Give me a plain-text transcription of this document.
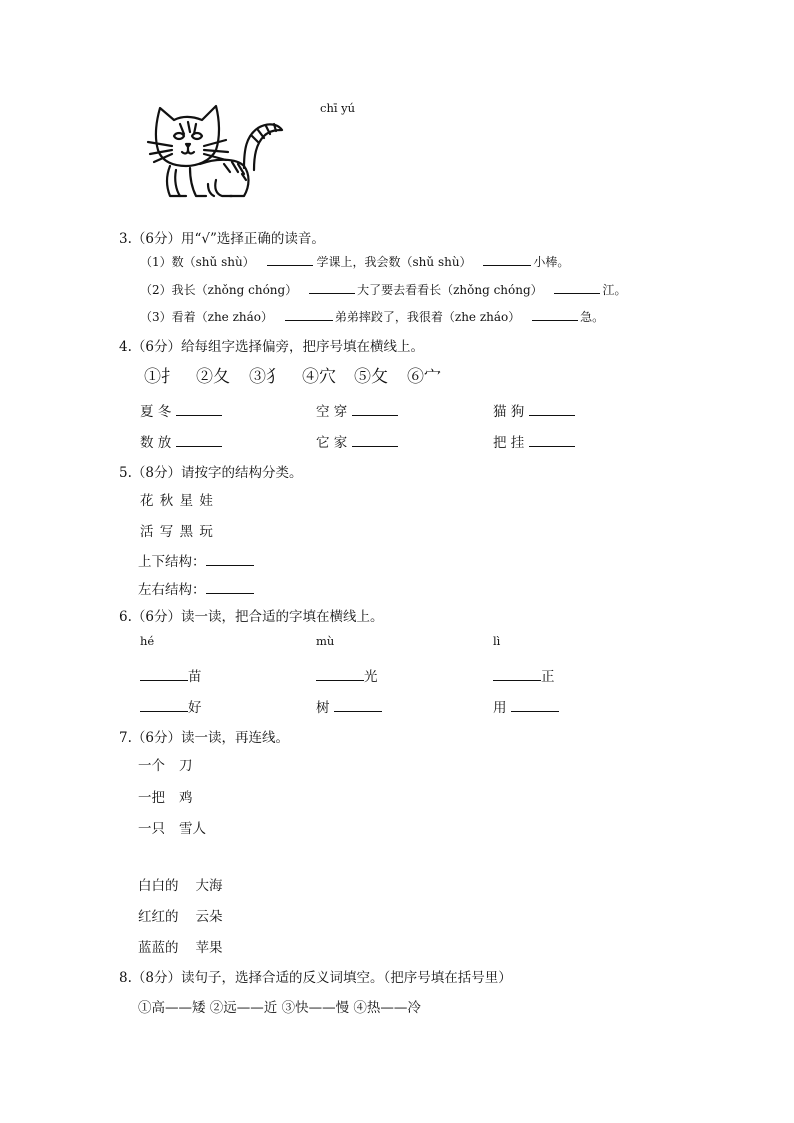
chī yú
3.（6分）用“√”选择正确的读音。
（1）数（shǔ shù）	学课上，我会数（shǔ shù）	小棒。
（2）我长（zhǒng chóng）	大了要去看看长（zhǒng chóng）	江。
（3）看着（zhe zháo）	弟弟摔跤了，我很着（zhe zháo）	急。
4.（6分）给每组字选择偏旁，把序号填在横线上。
①扌 ②夂 ③犭 ④穴 ⑤攵 ⑥宀
夏 冬	空 穿	猫 狗
数 放	它 家	把 挂
5.（8分）请按字的结构分类。
花 秋 星 娃
活 写 黑 玩
上下结构：
左右结构：
6.（6分）读一读，把合适的字填在横线上。
hé	mù	lì
苗	光	正
好	树	用
7.（6分）读一读，再连线。
一个 刀
一把 鸡
一只 雪人
白白的 大海
红红的 云朵
蓝蓝的 苹果
8.（8分）读句子，选择合适的反义词填空。（把序号填在括号里）
①高——矮 ②远——近 ③快——慢 ④热——冷
